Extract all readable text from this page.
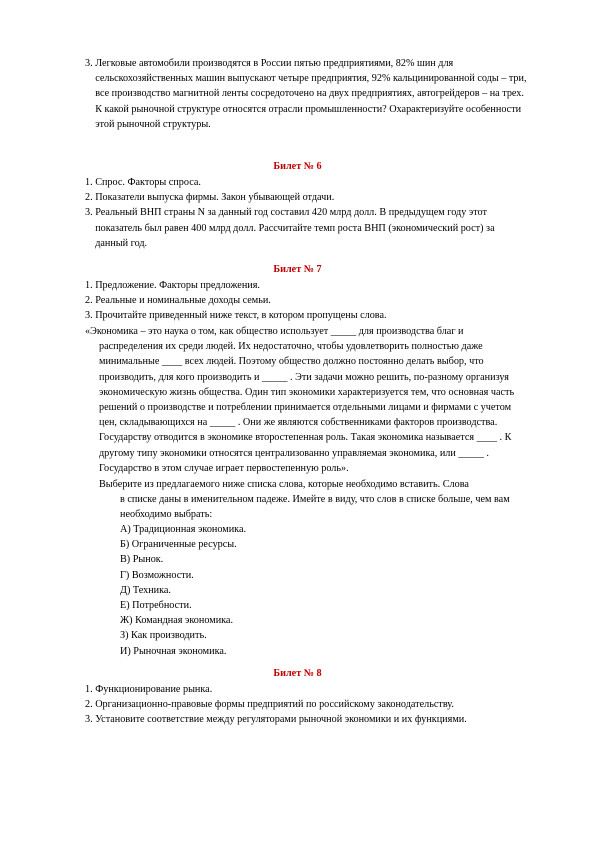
3.
Легковые автомобили производятся в России пятью предприятиями, 82% шин для сельскохозяйственных машин выпускают четыре предприятия, 92% кальцинированной соды – три, все производство магнитной ленты сосредоточено на двух предприятиях, автогрейдеров – на трех. К какой рыночной структуре относятся отрасли промышленности? Охарактеризуйте особенности этой рыночной структуры.
Билет № 6
1.
Спрос. Факторы спроса.
2.
Показатели выпуска фирмы. Закон убывающей отдачи.
3.
Реальный ВНП страны N за данный год составил 420 млрд долл. В предыдущем году этот показатель был равен 400 млрд долл. Рассчитайте темп роста ВНП (экономический рост) за данный год.
Билет № 7
1.
Предложение. Факторы предложения.
2.
Реальные и номинальные доходы семьи.
3.
Прочитайте приведенный ниже текст, в котором пропущены слова.
«Экономика – это наука о том, как общество использует _____ для производства благ и
распределения их среди людей. Их недостаточно, чтобы удовлетворить полностью даже минимальные ____ всех людей. Поэтому общество должно постоянно делать выбор, что производить, для кого производить и _____ . Эти задачи можно решить, по-разному организуя экономическую жизнь общества. Один тип экономики характеризуется тем, что основная часть решений о производстве и потреблении принимается отдельными лицами и фирмами с учетом цен, складывающихся на _____ . Они же являются собственниками факторов производства. Государству отводится в экономике второстепенная роль. Такая экономика называется ____ . К другому типу экономики относятся централизованно управляемая экономика, или _____ . Государство в этом случае играет первостепенную роль».
Выберите из предлагаемого ниже списка слова, которые необходимо вставить. Слова
в списке даны в именительном падеже. Имейте в виду, что слов в списке больше, чем вам необходимо выбрать:
А) Традиционная экономика.
Б) Ограниченные ресурсы.
В) Рынок.
Г) Возможности.
Д) Техника.
Е) Потребности.
Ж) Командная экономика.
З) Как производить.
И) Рыночная экономика.
Билет № 8
1.
Функционирование рынка.
2.
Организационно-правовые формы предприятий по российскому законодательству.
3.
Установите соответствие между регуляторами рыночной экономики и их функциями.
